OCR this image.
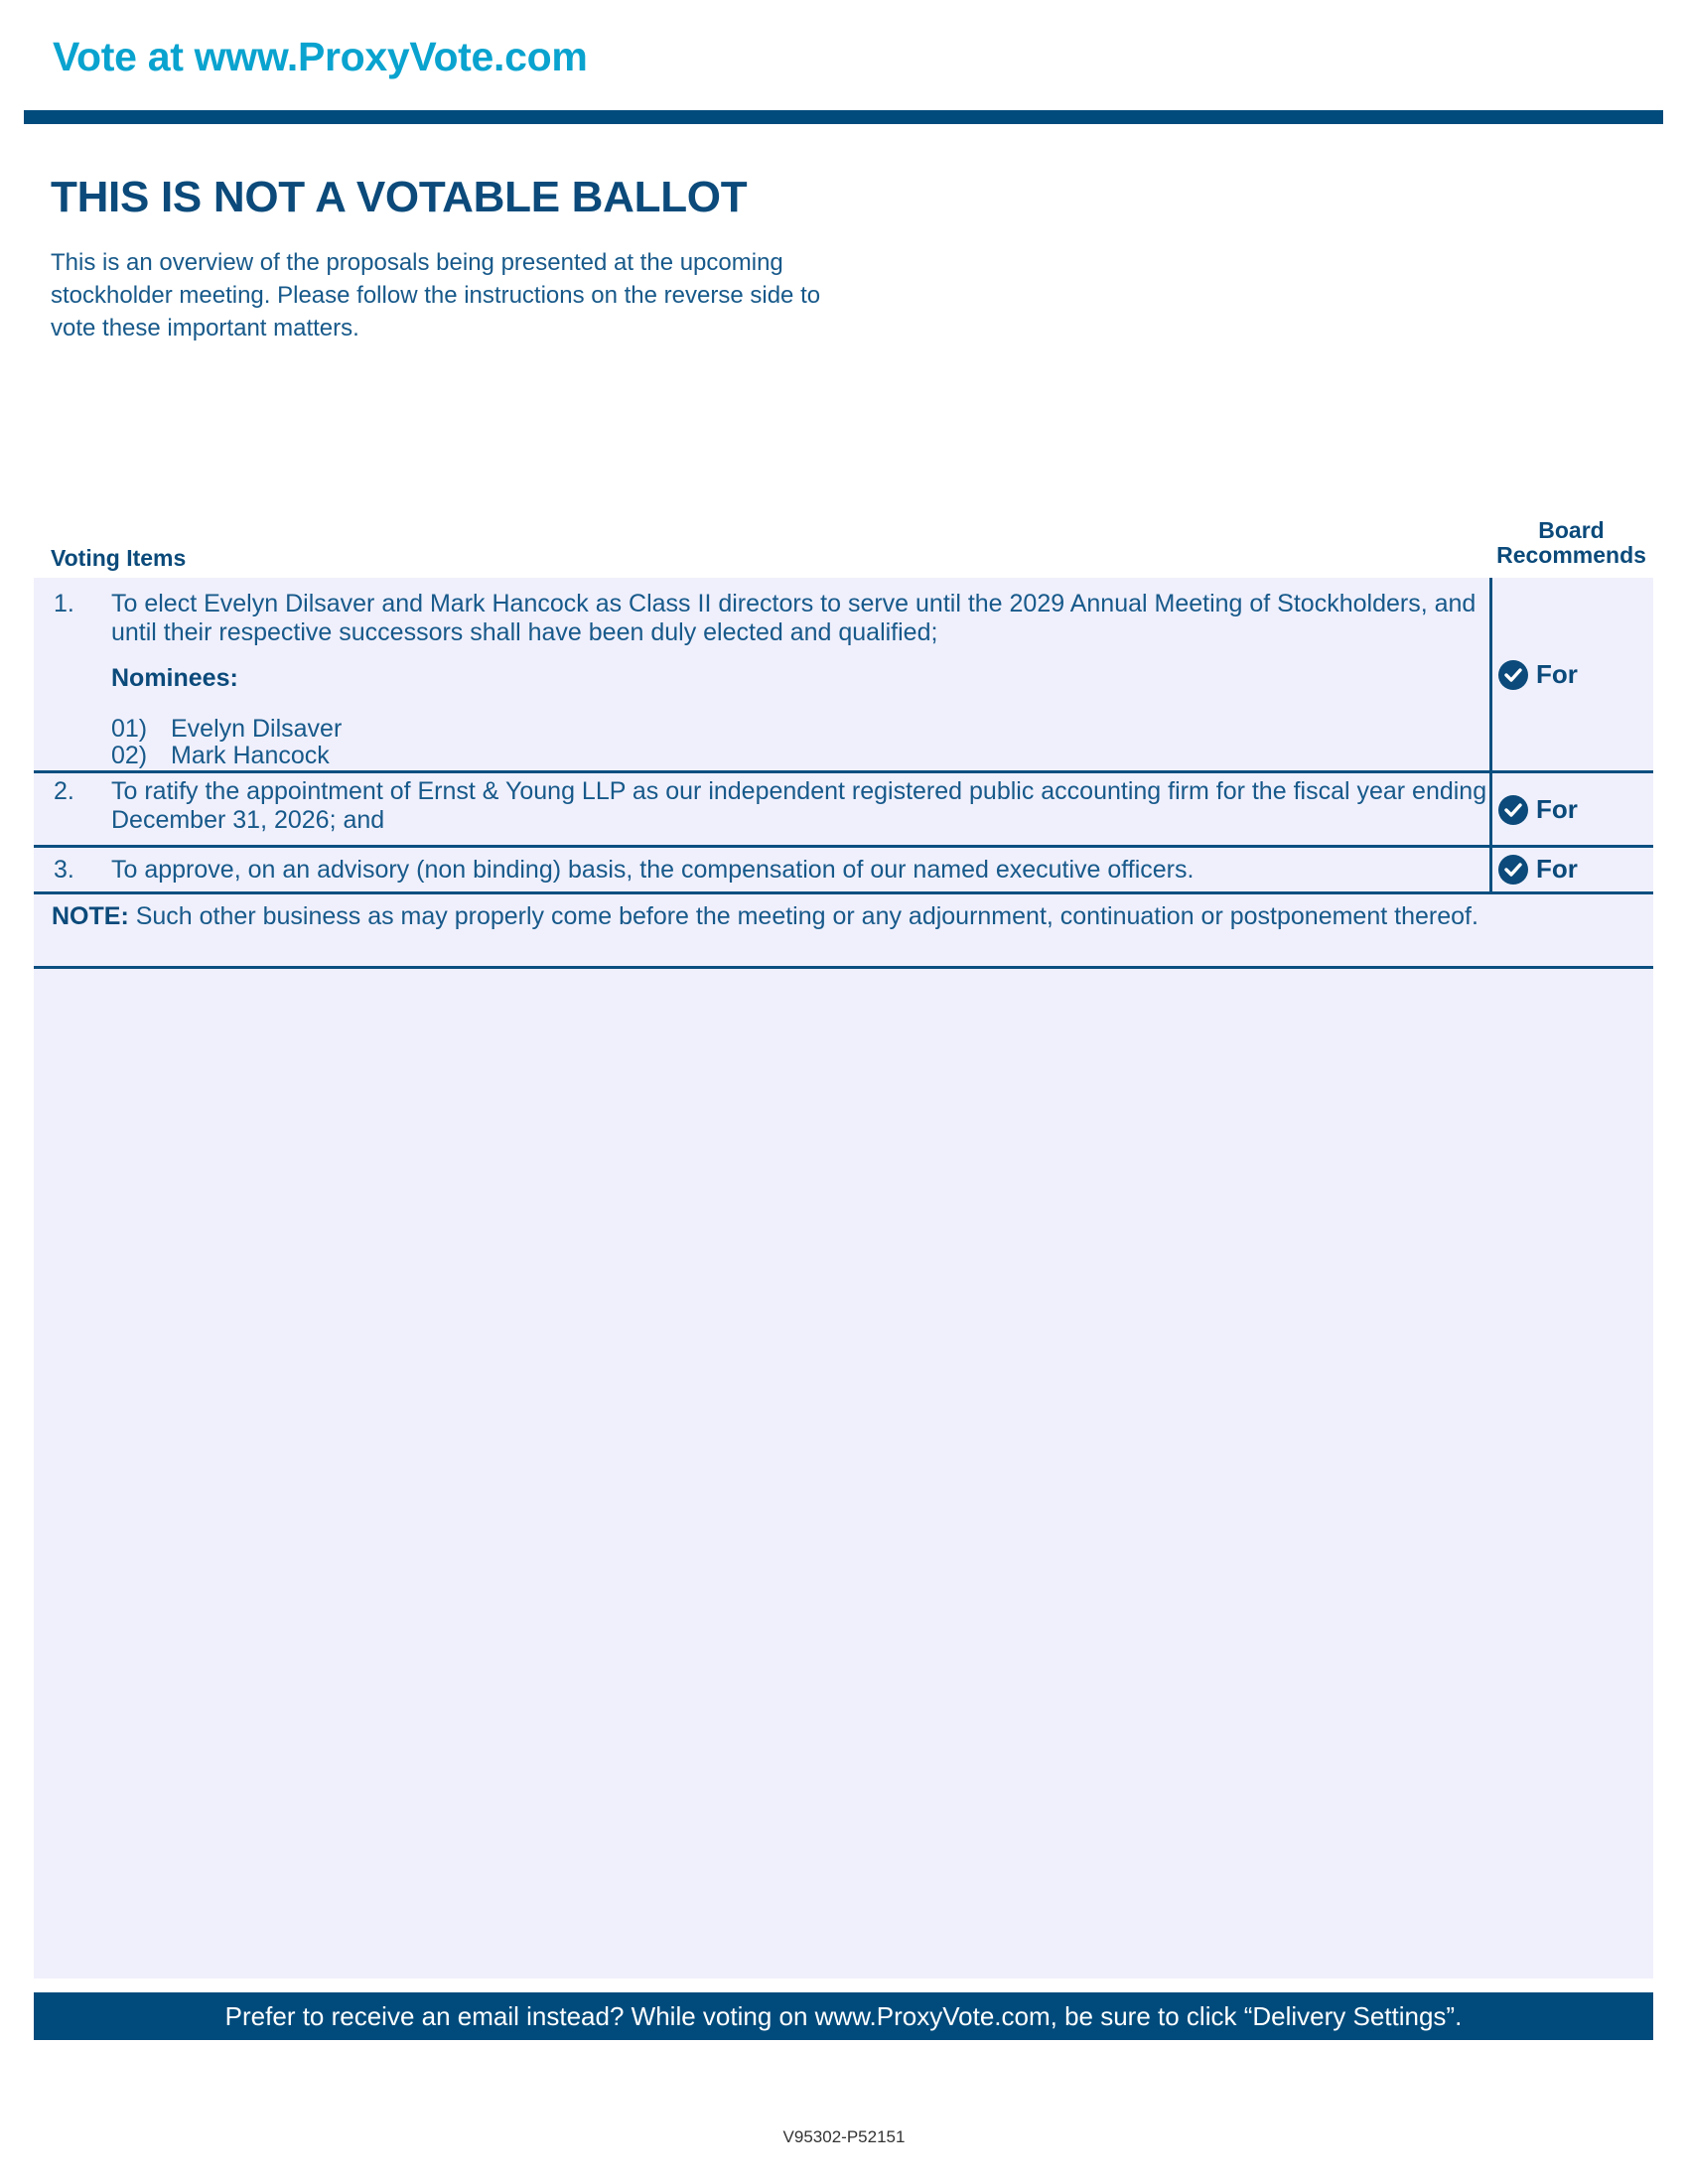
Vote at www.ProxyVote.com
THIS IS NOT A VOTABLE BALLOT
This is an overview of the proposals being presented at the upcoming stockholder meeting. Please follow the instructions on the reverse side to vote these important matters.
Voting Items
Board
Recommends
1. To elect Evelyn Dilsaver and Mark Hancock as Class II directors to serve until the 2029 Annual Meeting of Stockholders, and until their respective successors shall have been duly elected and qualified;
Nominees:
01) Evelyn Dilsaver
02) Mark Hancock
For
2. To ratify the appointment of Ernst & Young LLP as our independent registered public accounting firm for the fiscal year ending December 31, 2026; and	For
3. To approve, on an advisory (non binding) basis, the compensation of our named executive officers.	For
NOTE: Such other business as may properly come before the meeting or any adjournment, continuation or postponement thereof.
Prefer to receive an email instead? While voting on www.ProxyVote.com, be sure to click “Delivery Settings”.
V95302-P52151
